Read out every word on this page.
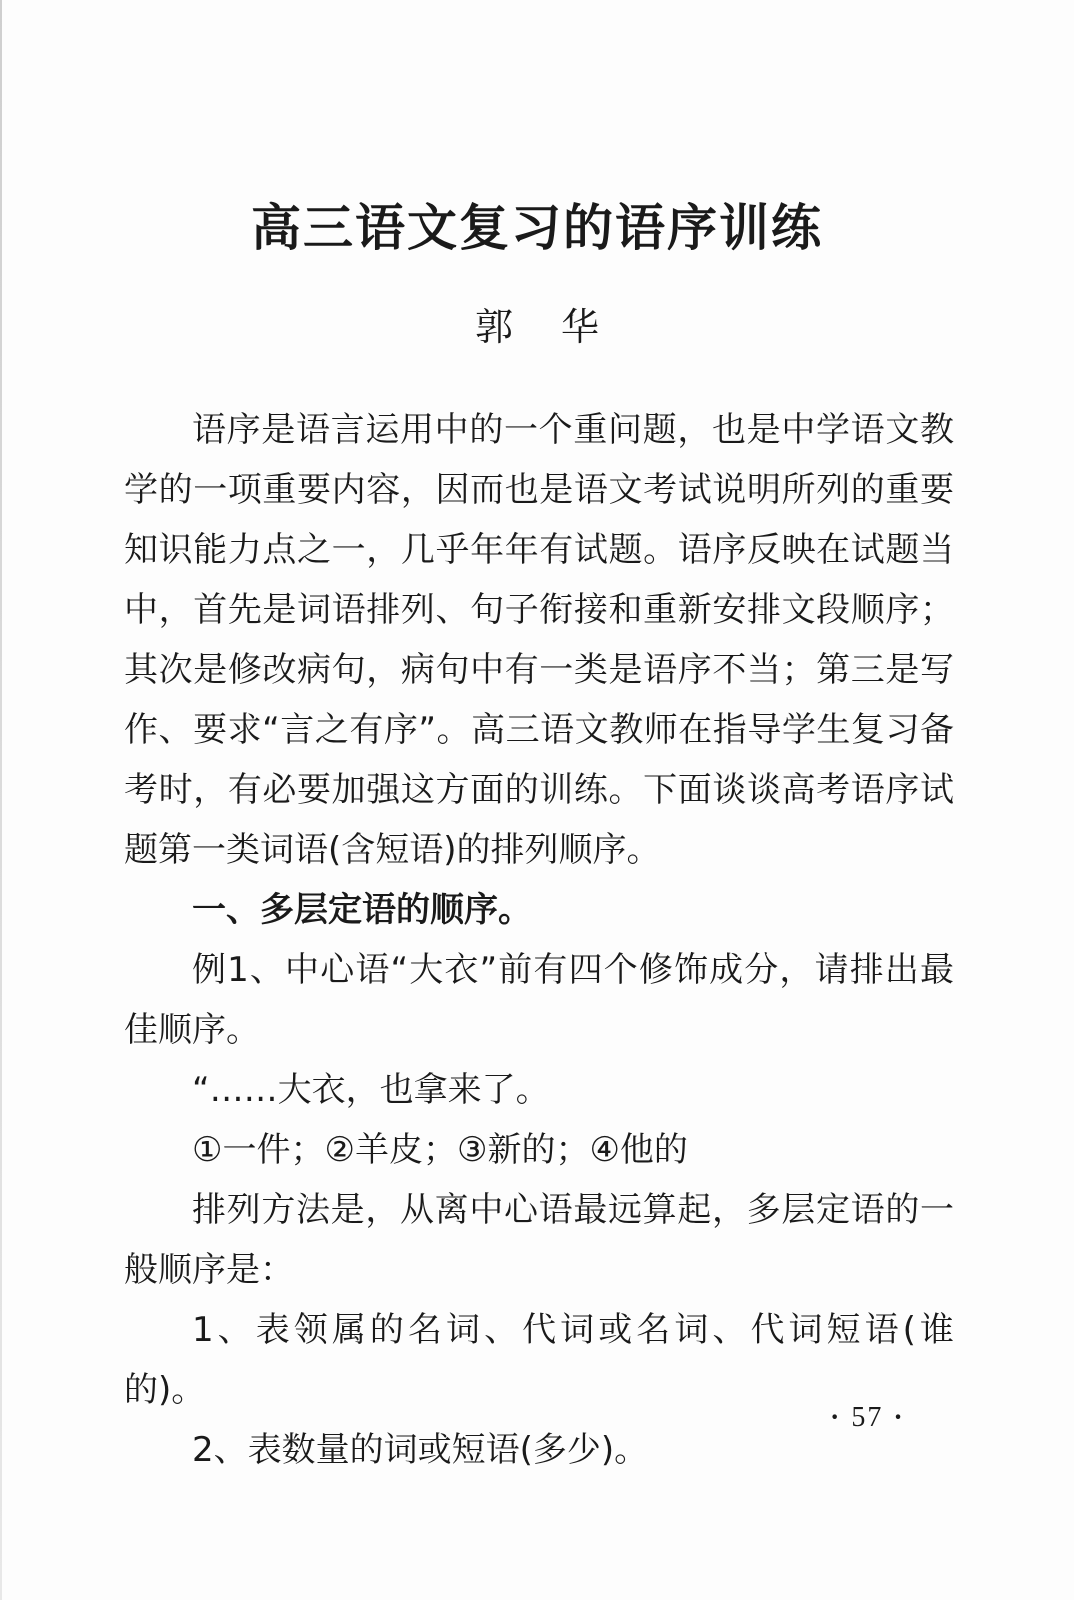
高三语文复习的语序训练
郭华

语序是语言运用中的一个重问题，也是中学语文教学的一项重要内容，因而也是语文考试说明所列的重要知识能力点之一，几乎年年有试题。语序反映在试题当中，首先是词语排列、句子衔接和重新安排文段顺序；其次是修改病句，病句中有一类是语序不当；第三是写作、要求“言之有序”。高三语文教师在指导学生复习备考时，有必要加强这方面的训练。下面谈谈高考语序试题第一类词语(含短语)的排列顺序。

一、多层定语的顺序。

例1、中心语“大衣”前有四个修饰成分，请排出最佳顺序。

“……大衣，也拿来了。

①一件；②羊皮；③新的；④他的

排列方法是，从离中心语最远算起，多层定语的一般顺序是：

1、表领属的名词、代词或名词、代词短语(谁的)。

2、表数量的词或短语(多少)。

· 57 ·
